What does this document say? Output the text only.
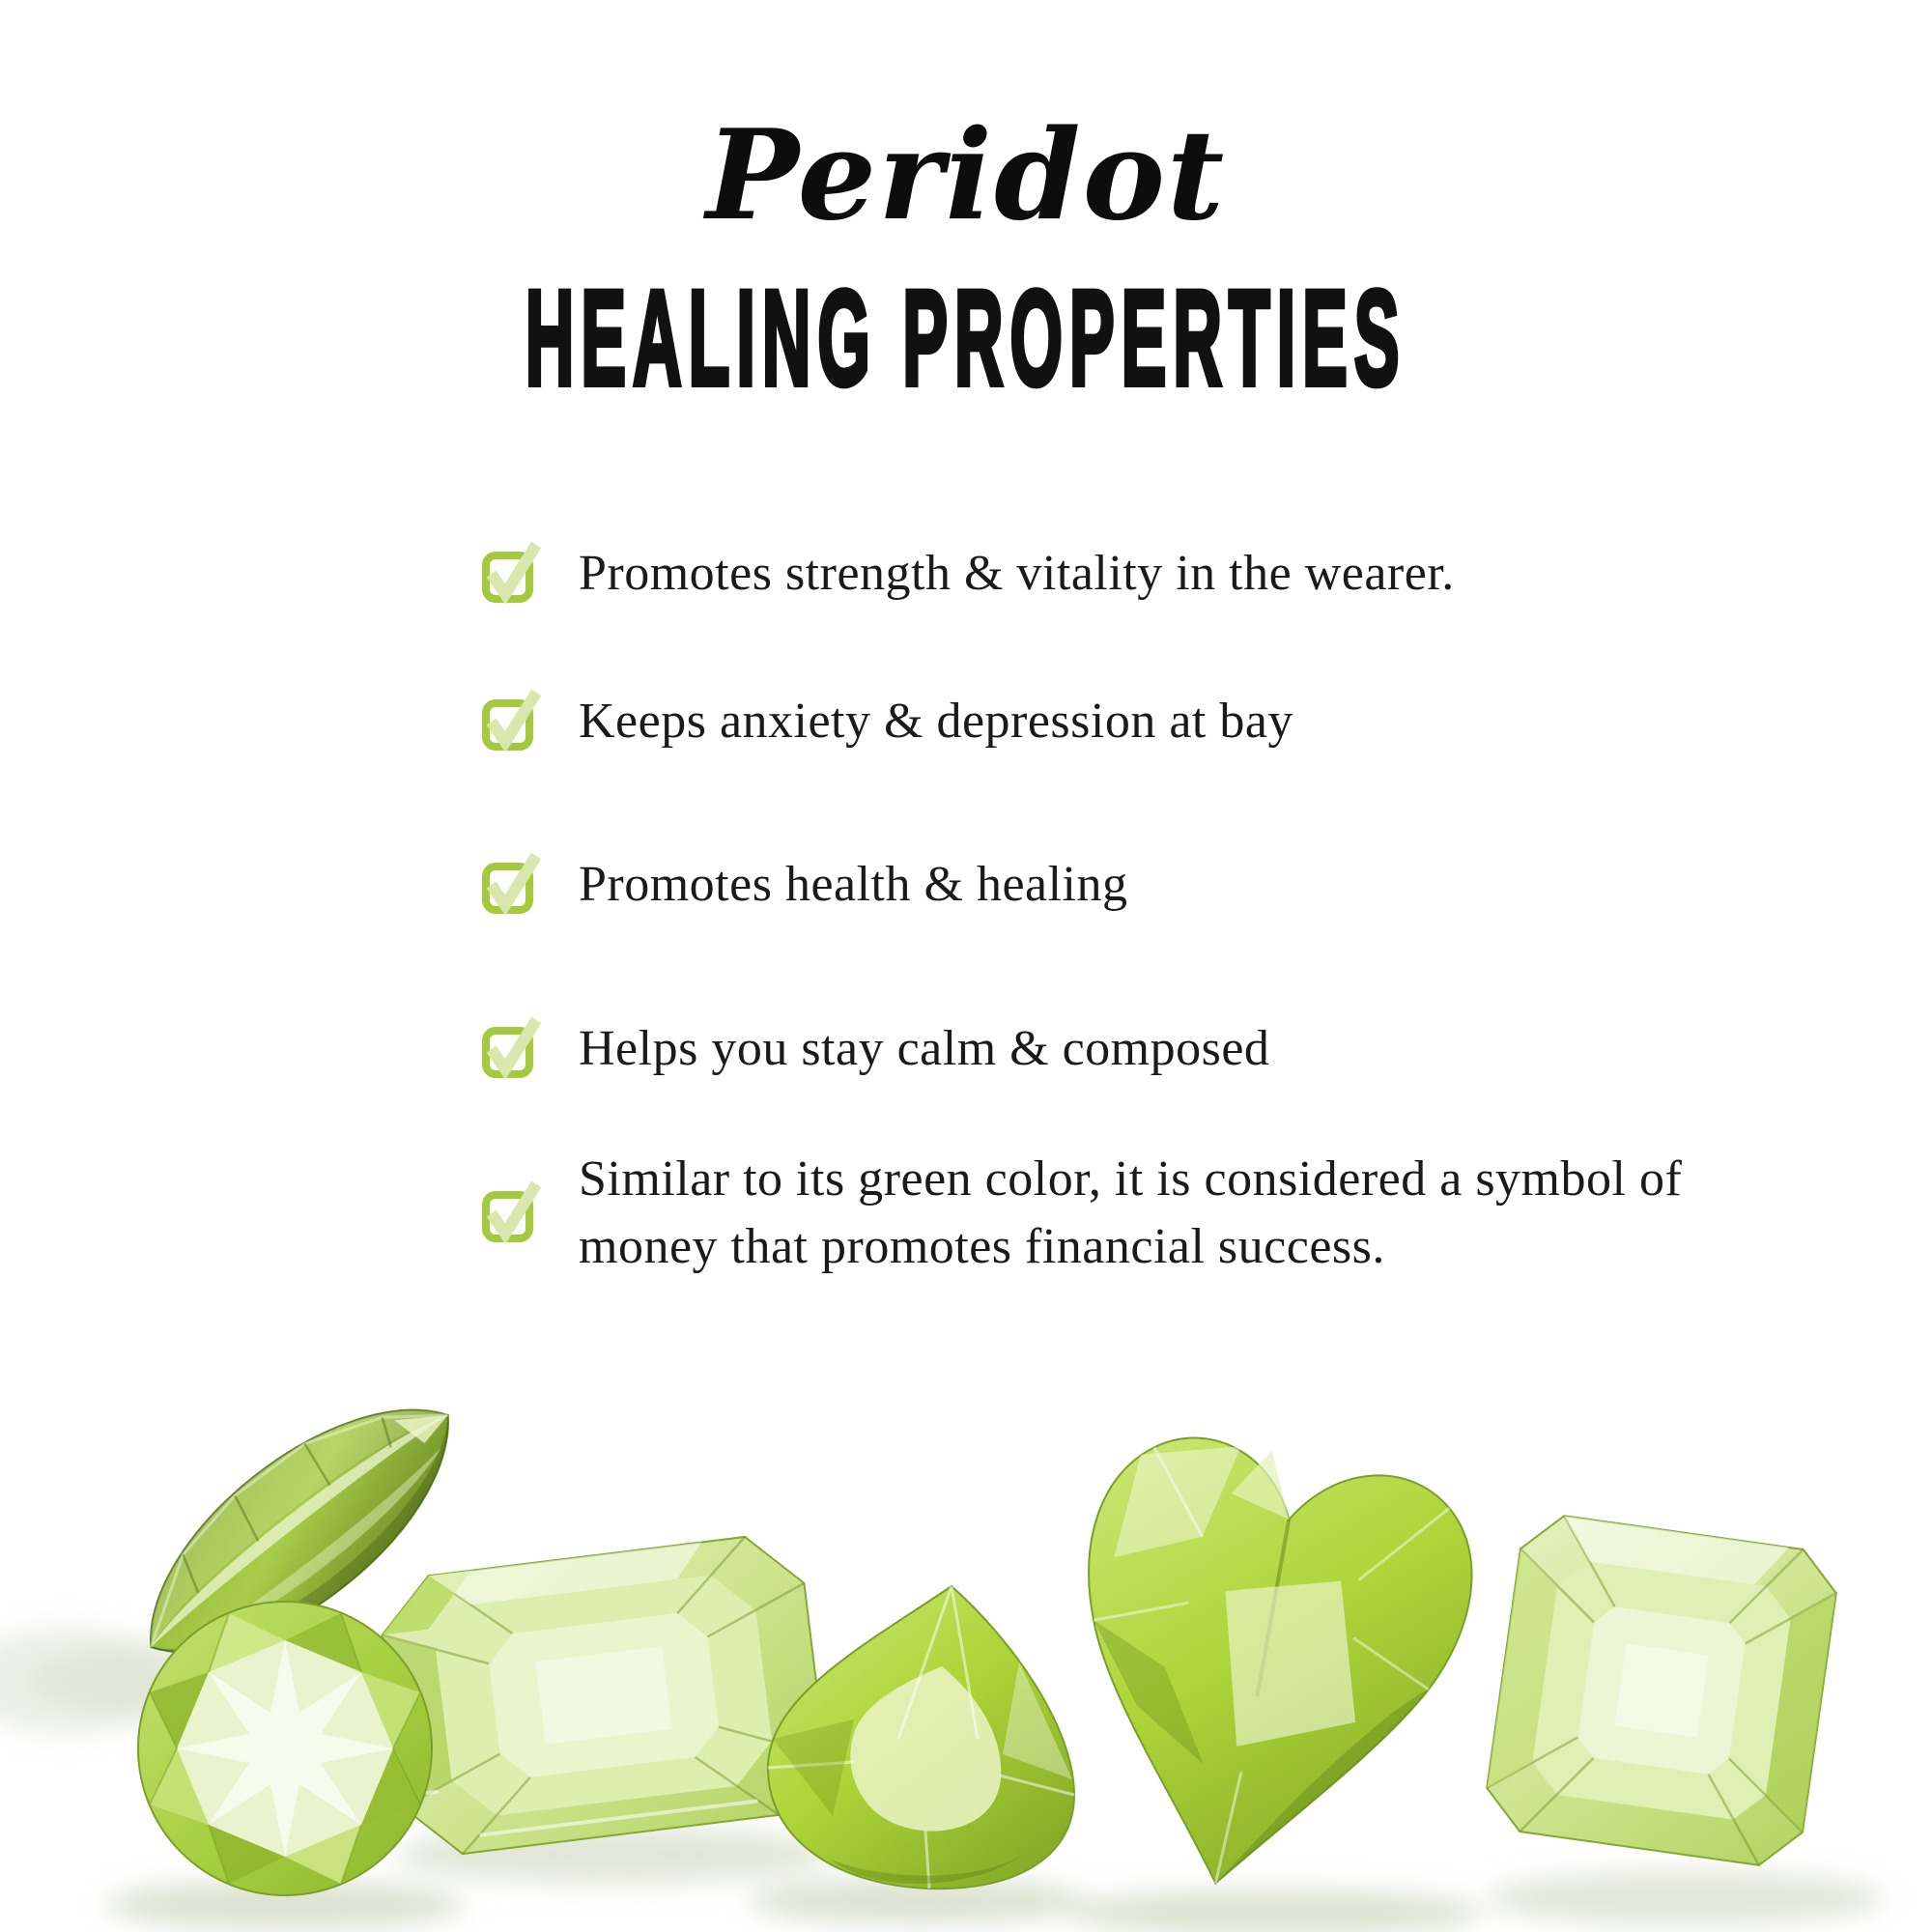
Peridot
HEALING PROPERTIES
Promotes strength & vitality in the wearer.
Keeps anxiety & depression at bay
Promotes health & healing
Helps you stay calm & composed
Similar to its green color, it is considered a symbol of money that promotes financial success.
